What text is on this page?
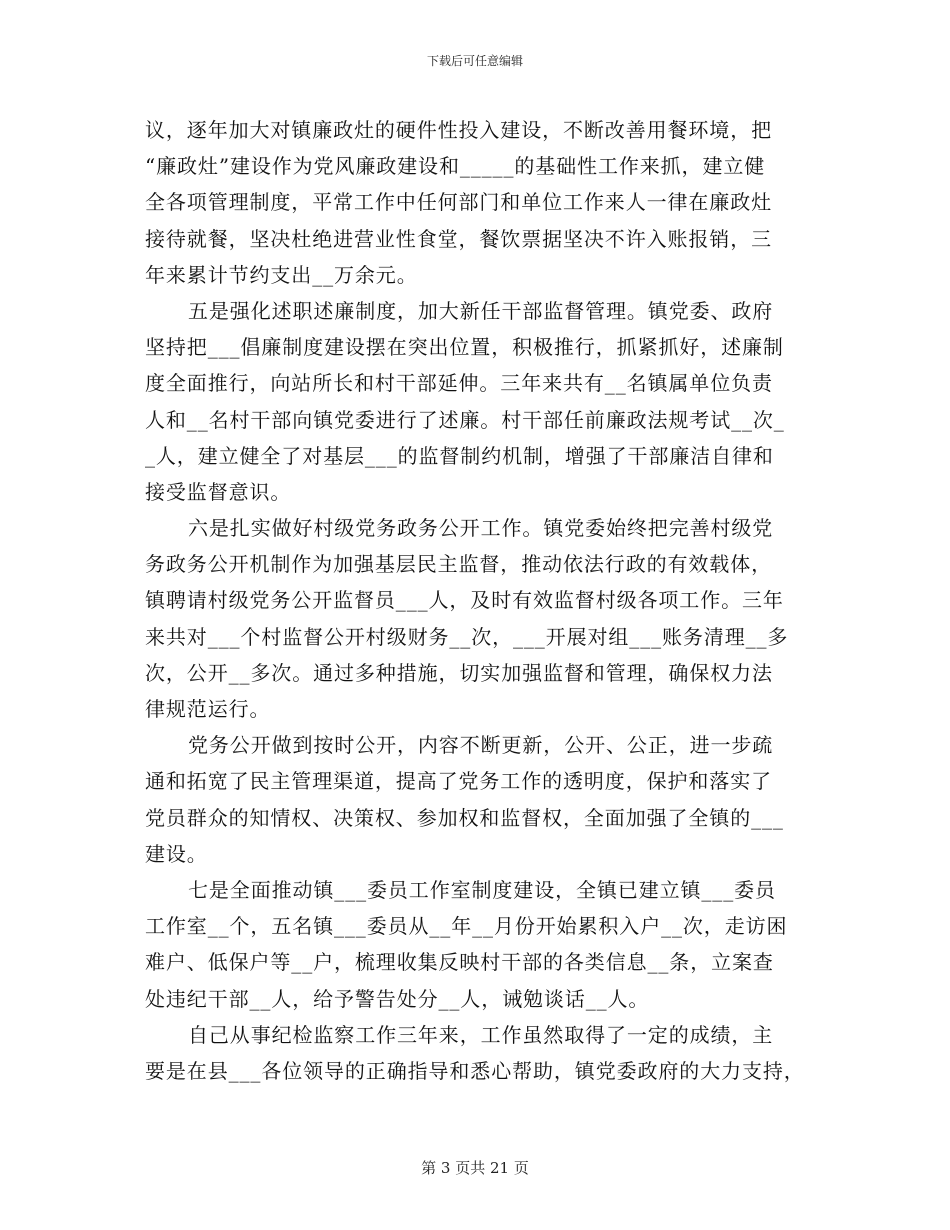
下载后可任意编辑
议，逐年加大对镇廉政灶的硬件性投入建设，不断改善用餐环境，把
“廉政灶”建设作为党风廉政建设和_____的基础性工作来抓，建立健
全各项管理制度，平常工作中任何部门和单位工作来人一律在廉政灶
接待就餐，坚决杜绝进营业性食堂，餐饮票据坚决不许入账报销，三
年来累计节约支出__万余元。
五是强化述职述廉制度，加大新任干部监督管理。镇党委、政府
坚持把___倡廉制度建设摆在突出位置，积极推行，抓紧抓好，述廉制
度全面推行，向站所长和村干部延伸。三年来共有__名镇属单位负责
人和__名村干部向镇党委进行了述廉。村干部任前廉政法规考试__次_
_人，建立健全了对基层___的监督制约机制，增强了干部廉洁自律和
接受监督意识。
六是扎实做好村级党务政务公开工作。镇党委始终把完善村级党
务政务公开机制作为加强基层民主监督，推动依法行政的有效载体，
镇聘请村级党务公开监督员___人，及时有效监督村级各项工作。三年
来共对___个村监督公开村级财务__次，___开展对组___账务清理__多
次，公开__多次。通过多种措施，切实加强监督和管理，确保权力法
律规范运行。
党务公开做到按时公开，内容不断更新，公开、公正，进一步疏
通和拓宽了民主管理渠道，提高了党务工作的透明度，保护和落实了
党员群众的知情权、决策权、参加权和监督权，全面加强了全镇的___
建设。
七是全面推动镇___委员工作室制度建设，全镇已建立镇___委员
工作室__个，五名镇___委员从__年__月份开始累积入户__次，走访困
难户、低保户等__户，梳理收集反映村干部的各类信息__条，立案查
处违纪干部__人，给予警告处分__人，诫勉谈话__人。
自己从事纪检监察工作三年来，工作虽然取得了一定的成绩，主
要是在县___各位领导的正确指导和悉心帮助，镇党委政府的大力支持，
第 3 页共 21 页
